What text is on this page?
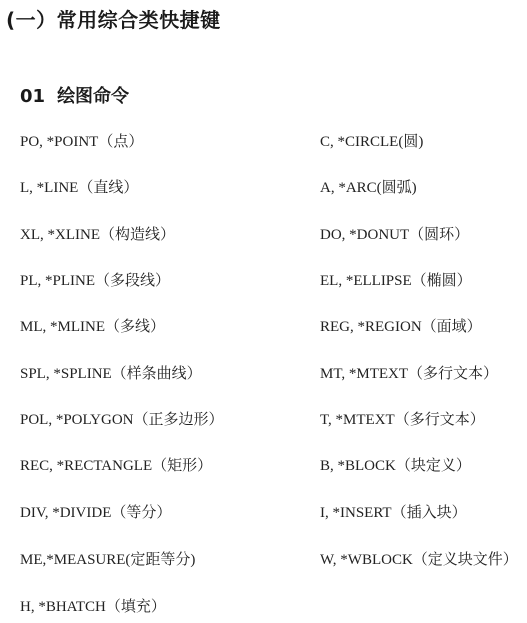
(一）常用综合类快捷键
01 绘图命令
PO, *POINT（点）	C, *CIRCLE(圆)
L, *LINE（直线）	A, *ARC(圆弧)
XL, *XLINE（构造线）	DO, *DONUT（圆环）
PL, *PLINE（多段线）	EL, *ELLIPSE（椭圆）
ML, *MLINE（多线）	REG, *REGION（面域）
SPL, *SPLINE（样条曲线）	MT, *MTEXT（多行文本）
POL, *POLYGON（正多边形）	T, *MTEXT（多行文本）
REC, *RECTANGLE（矩形）	B, *BLOCK（块定义）
DIV, *DIVIDE（等分）	I, *INSERT（插入块）
ME,*MEASURE(定距等分)	W, *WBLOCK（定义块文件）
H, *BHATCH（填充）
